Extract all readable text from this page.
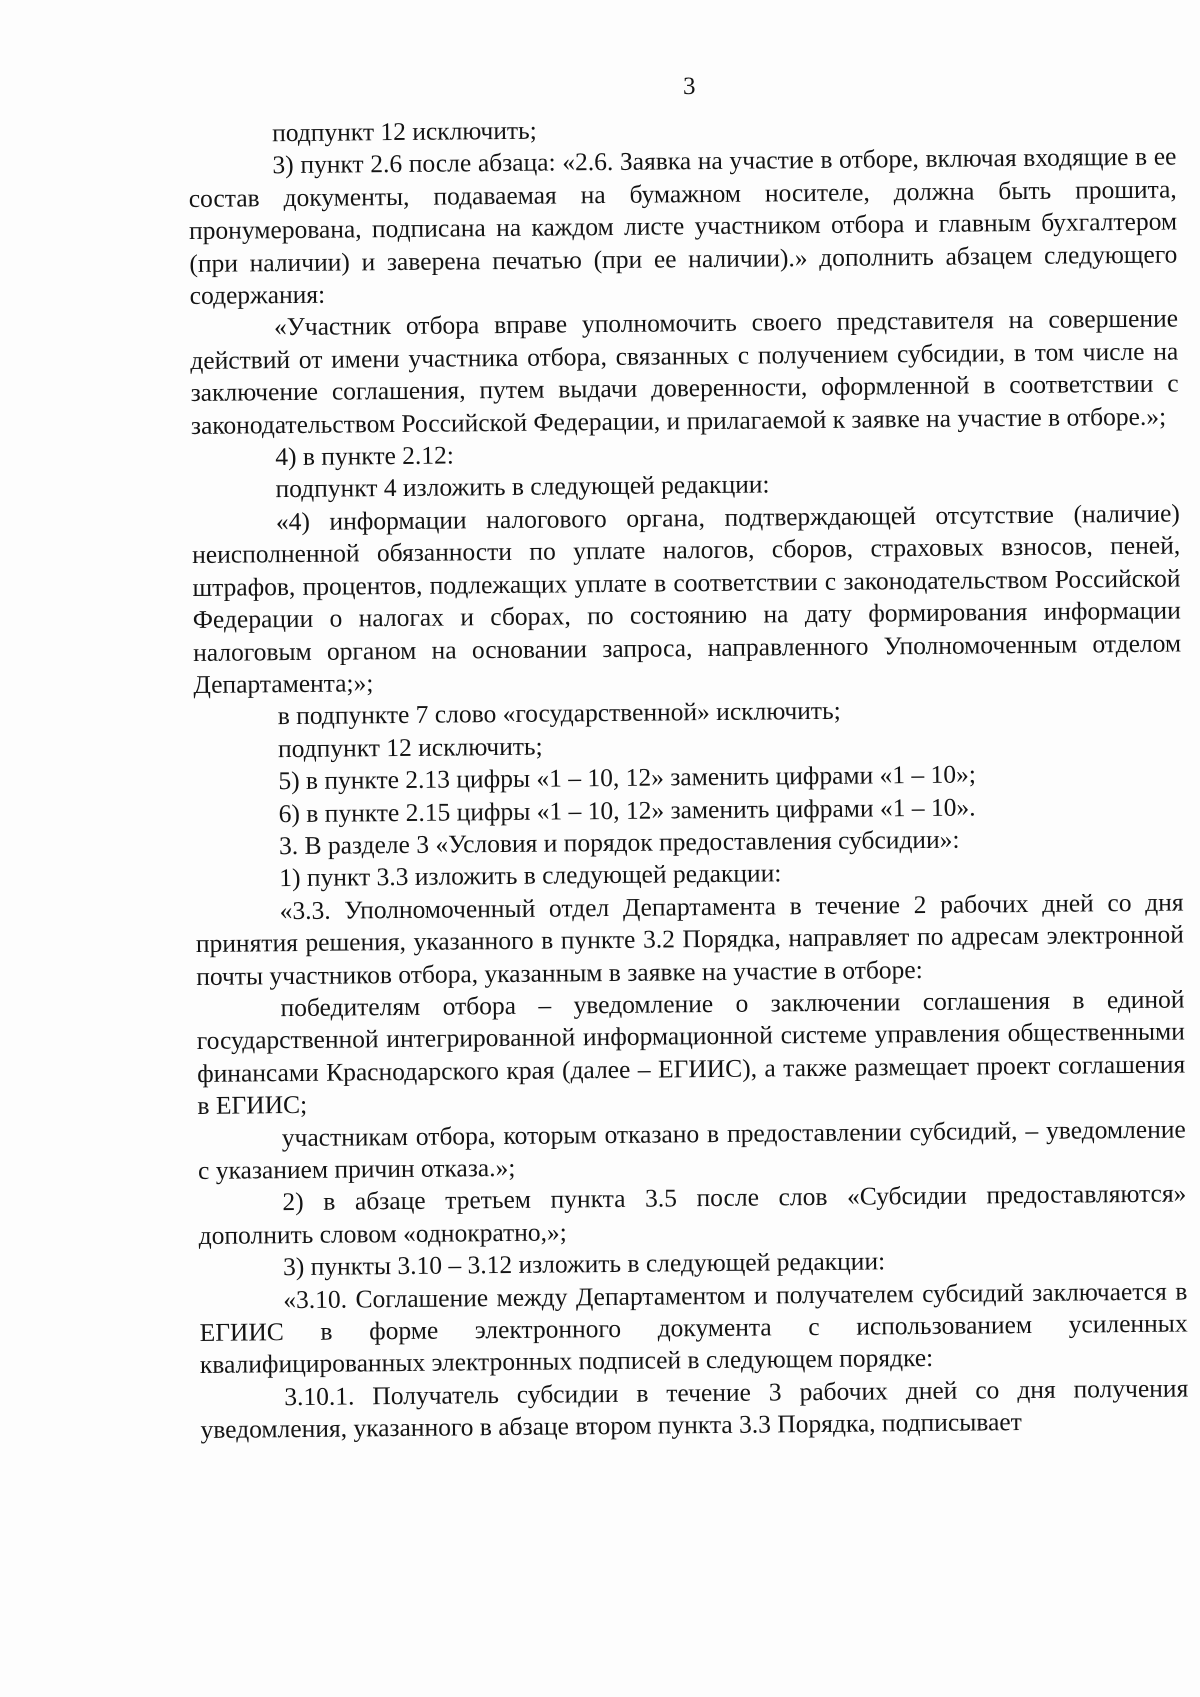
3

подпункт 12 исключить;

3) пункт 2.6 после абзаца: «2.6. Заявка на участие в отборе, включая входящие в ее состав документы, подаваемая на бумажном носителе, должна быть прошита, пронумерована, подписана на каждом листе участником отбора и главным бухгалтером (при наличии) и заверена печатью (при ее наличии).» дополнить абзацем следующего содержания:

«Участник отбора вправе уполномочить своего представителя на совершение действий от имени участника отбора, связанных с получением субсидии, в том числе на заключение соглашения, путем выдачи доверенности, оформленной в соответствии с законодательством Российской Федерации, и прилагаемой к заявке на участие в отборе.»;

4) в пункте 2.12:

подпункт 4 изложить в следующей редакции:

«4) информации налогового органа, подтверждающей отсутствие (наличие) неисполненной обязанности по уплате налогов, сборов, страховых взносов, пеней, штрафов, процентов, подлежащих уплате в соответствии с законодательством Российской Федерации о налогах и сборах, по состоянию на дату формирования информации налоговым органом на основании запроса, направленного Уполномоченным отделом Департамента;»;

в подпункте 7 слово «государственной» исключить;

подпункт 12 исключить;

5) в пункте 2.13 цифры «1 – 10, 12» заменить цифрами «1 – 10»;

6) в пункте 2.15 цифры «1 – 10, 12» заменить цифрами «1 – 10».

3. В разделе 3 «Условия и порядок предоставления субсидии»:

1) пункт 3.3 изложить в следующей редакции:

«3.3. Уполномоченный отдел Департамента в течение 2 рабочих дней со дня принятия решения, указанного в пункте 3.2 Порядка, направляет по адресам электронной почты участников отбора, указанным в заявке на участие в отборе:

победителям отбора – уведомление о заключении соглашения в единой государственной интегрированной информационной системе управления общественными финансами Краснодарского края (далее – ЕГИИС), а также размещает проект соглашения в ЕГИИС;

участникам отбора, которым отказано в предоставлении субсидий, – уведомление с указанием причин отказа.»;

2) в абзаце третьем пункта 3.5 после слов «Субсидии предоставляются» дополнить словом «однократно,»;

3) пункты 3.10 – 3.12 изложить в следующей редакции:

«3.10. Соглашение между Департаментом и получателем субсидий заключается в ЕГИИС в форме электронного документа с использованием усиленных квалифицированных электронных подписей в следующем порядке:

3.10.1. Получатель субсидии в течение 3 рабочих дней со дня получения уведомления, указанного в абзаце втором пункта 3.3 Порядка, подписывает
